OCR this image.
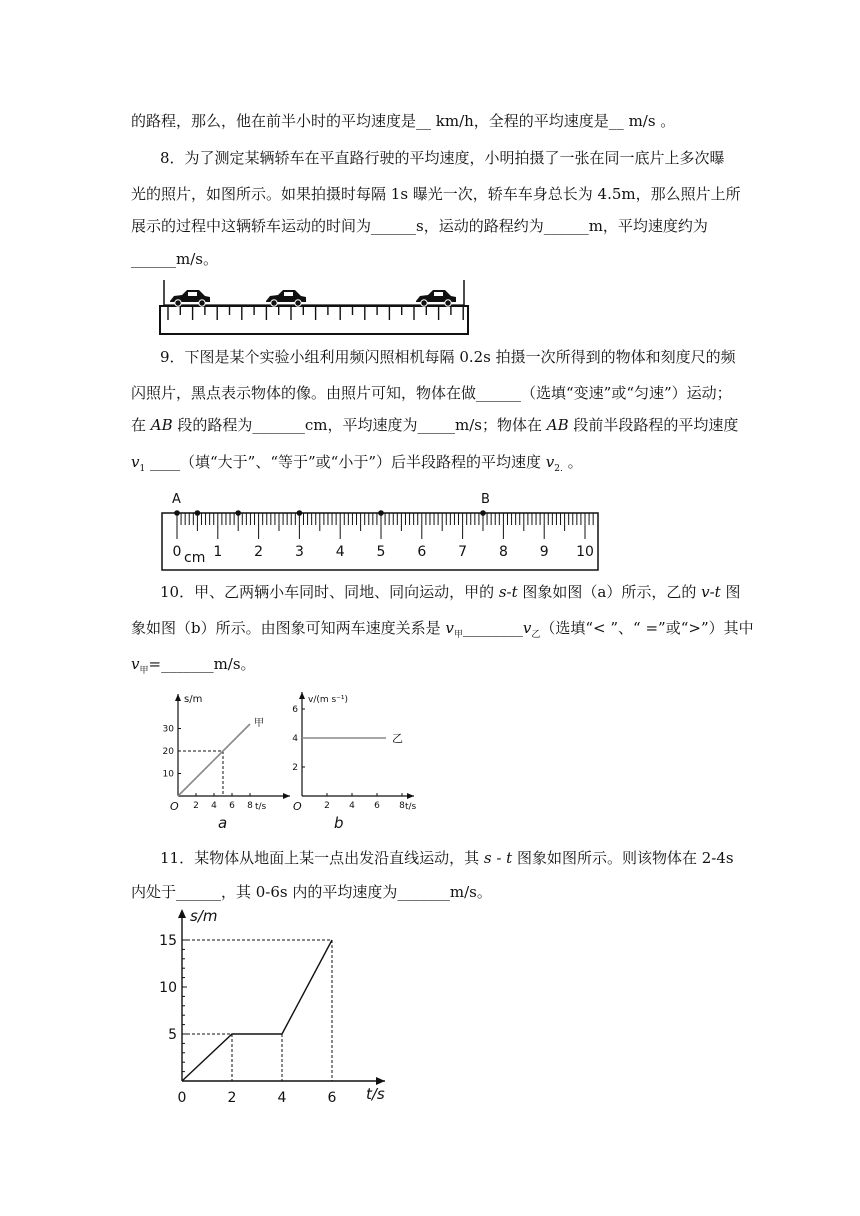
的路程，那么，他在前半小时的平均速度是__ km/h，全程的平均速度是__ m/s 。
8．为了测定某辆轿车在平直路行驶的平均速度，小明拍摄了一张在同一底片上多次曝
光的照片，如图所示。如果拍摄时每隔 1s 曝光一次，轿车车身总长为 4.5m，那么照片上所
展示的过程中这辆轿车运动的时间为______s，运动的路程约为______m，平均速度约为
______m/s。
9．下图是某个实验小组利用频闪照相机每隔 0.2s 拍摄一次所得到的物体和刻度尺的频
闪照片，黑点表示物体的像。由照片可知，物体在做______（选填“变速”或“匀速”）运动；
在 AB 段的路程为_______cm，平均速度为_____m/s；物体在 AB 段前半段路程的平均速度
$v_1$ ____（填“大于”、“等于”或“小于”）后半段路程的平均速度 $v_{2.}$ 。
A	B
0 1 2 3 4 5 6 7 8 9 10
cm
10．甲、乙两辆小车同时、同地、同向运动，甲的 s-t 图象如图（a）所示，乙的 v-t 图
象如图（b）所示。由图象可知两车速度关系是 $v_甲\_\_\_\_\_\_\_\_v_乙$（选填“< ”、“ =”或“>”）其中
$v_甲=\_\_\_\_\_\_\_m/s$。
s/m
10
20
30
2 4 6 8
O	t/s
甲
a
v/(m s⁻¹)
2
4
6
2 4 6 8
O	t/s
乙
b
11．某物体从地面上某一点出发沿直线运动，其 s - t 图象如图所示。则该物体在 2-4s
内处于______，其 0-6s 内的平均速度为_______m/s。
s/m
t/s
5
10
15
0	2	4	6
